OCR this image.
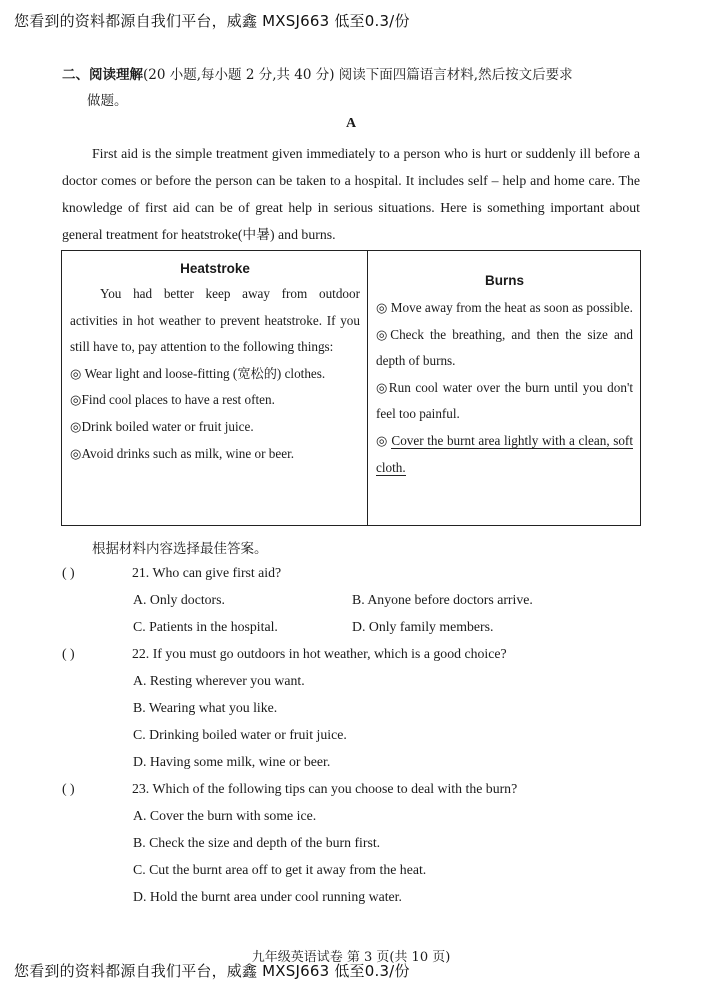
您看到的资料都源自我们平台，威鑫 MXSJ663 低至0.3/份
二、阅读理解(20 小题,每小题 2 分,共 40 分) 阅读下面四篇语言材料,然后按文后要求
做题。
A
First aid is the simple treatment given immediately to a person who is hurt or suddenly ill before a doctor comes or before the person can be taken to a hospital. It includes self – help and home care. The knowledge of first aid can be of great help in serious situations. Here is something important about general treatment for heatstroke(中暑) and burns.
Heatstroke
You had better keep away from outdoor activities in hot weather to prevent heatstroke. If you still have to, pay attention to the following things:
◎ Wear light and loose-fitting (宽松的) clothes.
◎Find cool places to have a rest often.
◎Drink boiled water or fruit juice.
◎Avoid drinks such as milk, wine or beer.

Burns
◎ Move away from the heat as soon as possible.
◎Check the breathing, and then the size and depth of burns.
◎Run cool water over the burn until you don't feel too painful.
◎ Cover the burnt area lightly with a clean, soft cloth.
根据材料内容选择最佳答案。
( )	21. Who can give first aid?
A. Only doctors.	B. Anyone before doctors arrive.
C. Patients in the hospital.	D. Only family members.
( )	22. If you must go outdoors in hot weather, which is a good choice?
A. Resting wherever you want.
B. Wearing what you like.
C. Drinking boiled water or fruit juice.
D. Having some milk, wine or beer.
( )	23. Which of the following tips can you choose to deal with the burn?
A. Cover the burn with some ice.
B. Check the size and depth of the burn first.
C. Cut the burnt area off to get it away from the heat.
D. Hold the burnt area under cool running water.
九年级英语试卷 第 3 页(共 10 页)
您看到的资料都源自我们平台，威鑫 MXSJ663 低至0.3/份
